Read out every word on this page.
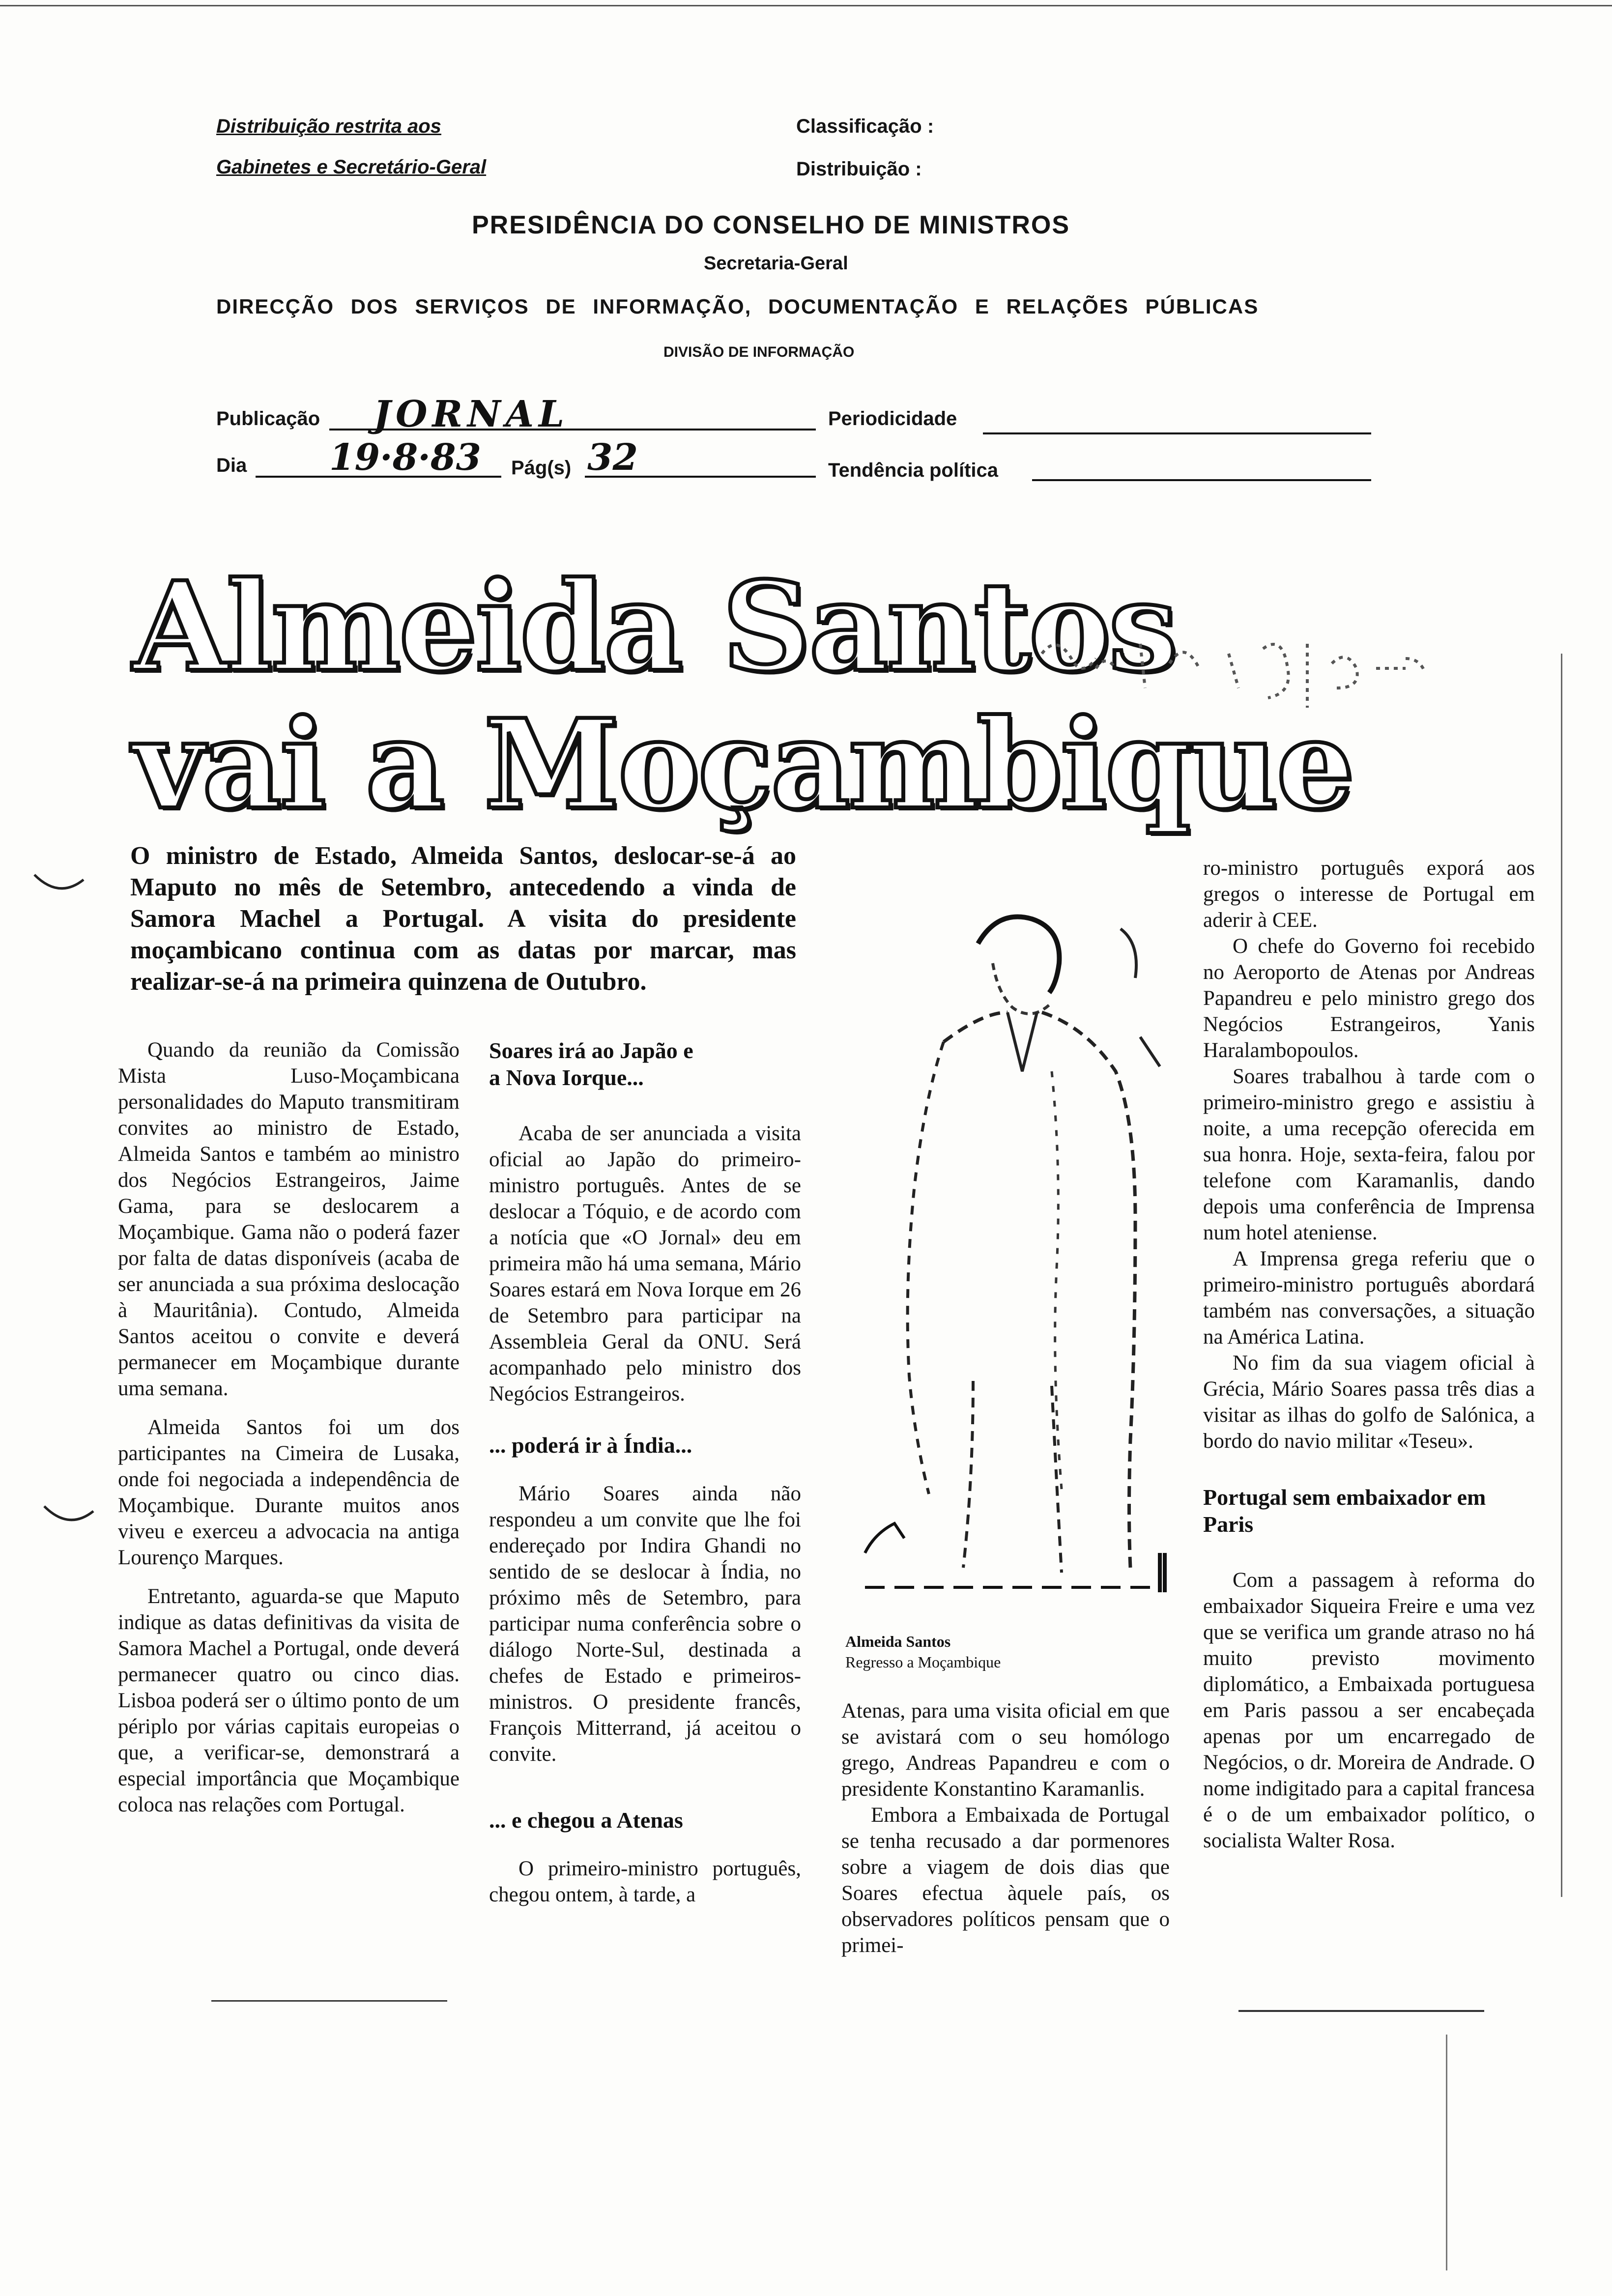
Distribuição restrita aos
Gabinetes e Secretário-Geral
Classificação :
Distribuição :
PRESIDÊNCIA DO CONSELHO DE MINISTROS
Secretaria-Geral
DIRECÇÃO DOS SERVIÇOS DE INFORMAÇÃO, DOCUMENTAÇÃO E RELAÇÕES PÚBLICAS
DIVISÃO DE INFORMAÇÃO
Publicação JORNAL	Periodicidade
Dia 19·8·83 Pág(s) 32	Tendência política
Almeida Santos
vai a Moçambique
O ministro de Estado, Almeida Santos, deslocar-se-á ao Maputo no mês de Setembro, antecedendo a vinda de Samora Machel a Portugal. A visita do presidente moçambicano continua com as datas por marcar, mas realizar-se-á na primeira quinzena de Outubro.

Quando da reunião da Comissão Mista Luso-Moçambicana personalidades do Maputo transmitiram convites ao ministro de Estado, Almeida Santos e também ao ministro dos Negócios Estrangeiros, Jaime Gama, para se deslocarem a Moçambique. Gama não o poderá fazer por falta de datas disponíveis (acaba de ser anunciada a sua próxima deslocação à Mauritânia). Contudo, Almeida Santos aceitou o convite e deverá permanecer em Moçambique durante uma semana.

Almeida Santos foi um dos participantes na Cimeira de Lusaka, onde foi negociada a independência de Moçambique. Durante muitos anos viveu e exerceu a advocacia na antiga Lourenço Marques.

Entretanto, aguarda-se que Maputo indique as datas definitivas da visita de Samora Machel a Portugal, onde deverá permanecer quatro ou cinco dias. Lisboa poderá ser o último ponto de um périplo por várias capitais europeias o que, a verificar-se, demonstrará a especial importância que Moçambique coloca nas relações com Portugal.

Soares irá ao Japão e a Nova Iorque...

Acaba de ser anunciada a visita oficial ao Japão do primeiro-ministro português. Antes de se deslocar a Tóquio, e de acordo com a notícia que «O Jornal» deu em primeira mão há uma semana, Mário Soares estará em Nova Iorque em 26 de Setembro para participar na Assembleia Geral da ONU. Será acompanhado pelo ministro dos Negócios Estrangeiros.

... poderá ir à Índia...

Mário Soares ainda não respondeu a um convite que lhe foi endereçado por Indira Ghandi no sentido de se deslocar à Índia, no próximo mês de Setembro, para participar numa conferência sobre o diálogo Norte-Sul, destinada a chefes de Estado e primeiros-ministros. O presidente francês, François Mitterrand, já aceitou o convite.

... e chegou a Atenas

O primeiro-ministro português, chegou ontem, à tarde, a

Almeida Santos
Regresso a Moçambique

Atenas, para uma visita oficial em que se avistará com o seu homólogo grego, Andreas Papandreu e com o presidente Konstantino Karamanlis.

Embora a Embaixada de Portugal se tenha recusado a dar pormenores sobre a viagem de dois dias que Soares efectua àquele país, os observadores políticos pensam que o primei-

ro-ministro português exporá aos gregos o interesse de Portugal em aderir à CEE.

O chefe do Governo foi recebido no Aeroporto de Atenas por Andreas Papandreu e pelo ministro grego dos Negócios Estrangeiros, Yanis Haralambopoulos.

Soares trabalhou à tarde com o primeiro-ministro grego e assistiu à noite, a uma recepção oferecida em sua honra. Hoje, sexta-feira, falou por telefone com Karamanlis, dando depois uma conferência de Imprensa num hotel ateniense.

A Imprensa grega referiu que o primeiro-ministro português abordará também nas conversações, a situação na América Latina.

No fim da sua viagem oficial à Grécia, Mário Soares passa três dias a visitar as ilhas do golfo de Salónica, a bordo do navio militar «Teseu».

Portugal sem embaixador em Paris

Com a passagem à reforma do embaixador Siqueira Freire e uma vez que se verifica um grande atraso no há muito previsto movimento diplomático, a Embaixada portuguesa em Paris passou a ser encabeçada apenas por um encarregado de Negócios, o dr. Moreira de Andrade. O nome indigitado para a capital francesa é o de um embaixador político, o socialista Walter Rosa.
